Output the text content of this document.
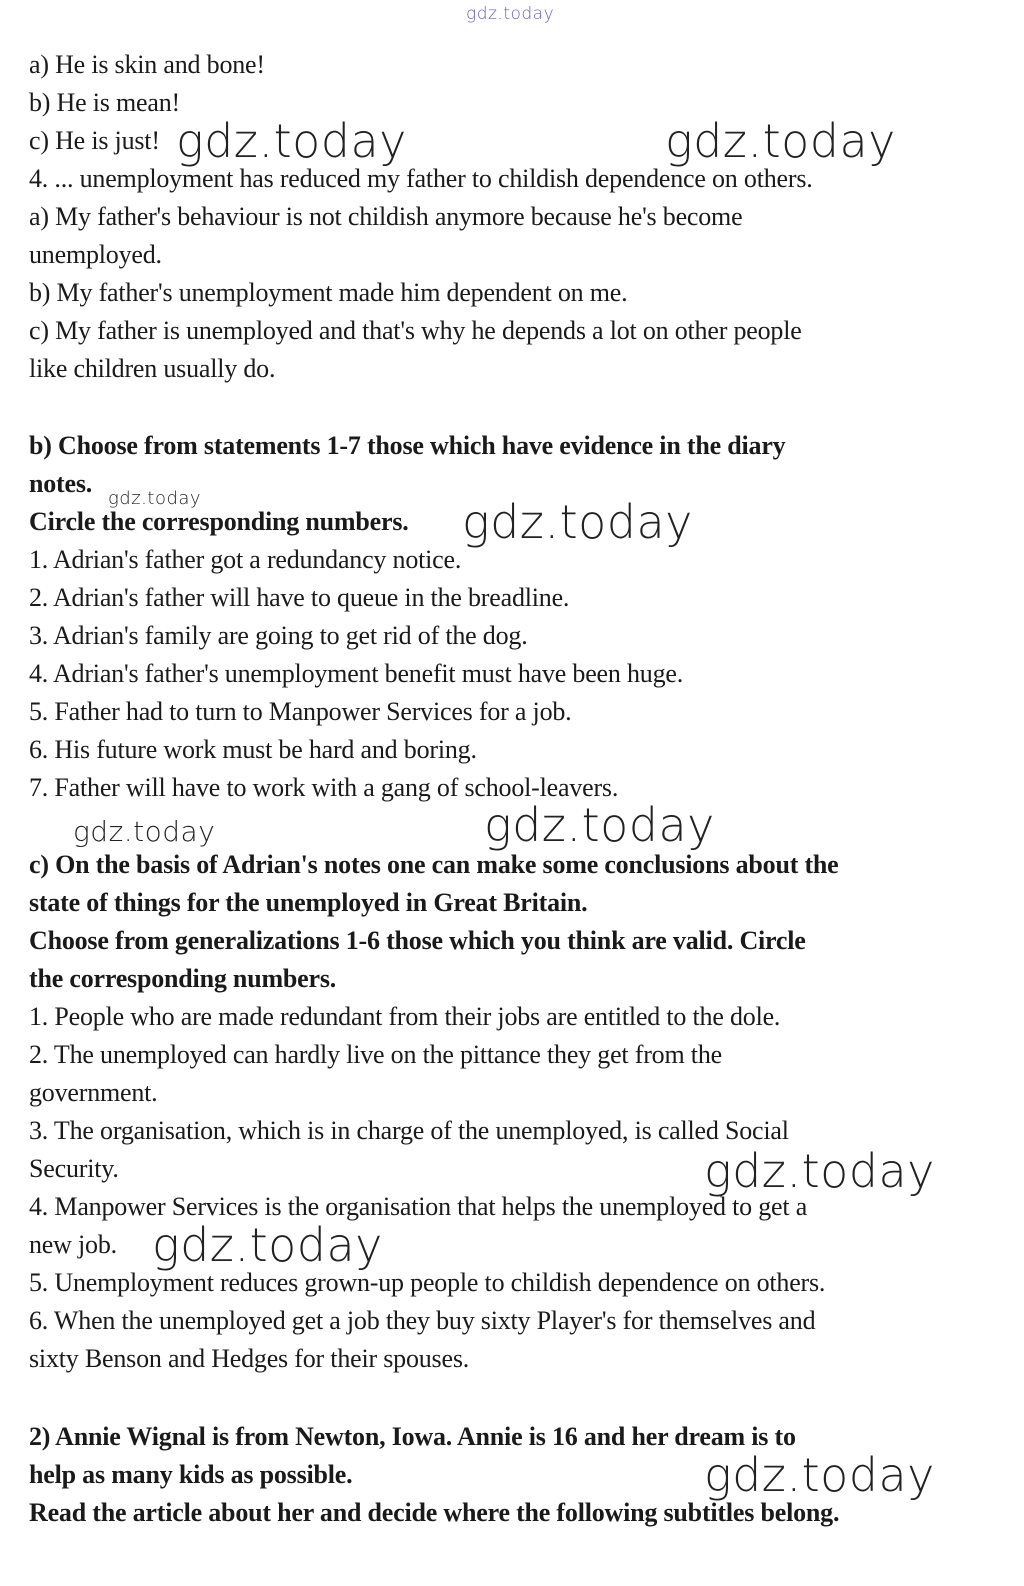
gdz.today
a) He is skin and bone!
b) He is mean!
c) He is just!
4. ... unemployment has reduced my father to childish dependence on others.
a) My father's behaviour is not childish anymore because he's become
unemployed.
b) My father's unemployment made him dependent on me.
c) My father is unemployed and that's why he depends a lot on other people
like children usually do.
b) Choose from statements 1-7 those which have evidence in the diary
notes.
Circle the corresponding numbers.
1. Adrian's father got a redundancy notice.
2. Adrian's father will have to queue in the breadline.
3. Adrian's family are going to get rid of the dog.
4. Adrian's father's unemployment benefit must have been huge.
5. Father had to turn to Manpower Services for a job.
6. His future work must be hard and boring.
7. Father will have to work with a gang of school-leavers.
c) On the basis of Adrian's notes one can make some conclusions about the
state of things for the unemployed in Great Britain.
Choose from generalizations 1-6 those which you think are valid. Circle
the corresponding numbers.
1. People who are made redundant from their jobs are entitled to the dole.
2. The unemployed can hardly live on the pittance they get from the
government.
3. The organisation, which is in charge of the unemployed, is called Social
Security.
4. Manpower Services is the organisation that helps the unemployed to get a
new job.
5. Unemployment reduces grown-up people to childish dependence on others.
6. When the unemployed get a job they buy sixty Player's for themselves and
sixty Benson and Hedges for their spouses.
2) Annie Wignal is from Newton, Iowa. Annie is 16 and her dream is to
help as many kids as possible.
Read the article about her and decide where the following subtitles belong.
gdz.today	gdz.today
gdz.today	gdz.today
gdz.today	gdz.today
gdz.today
gdz.today
gdz.today
